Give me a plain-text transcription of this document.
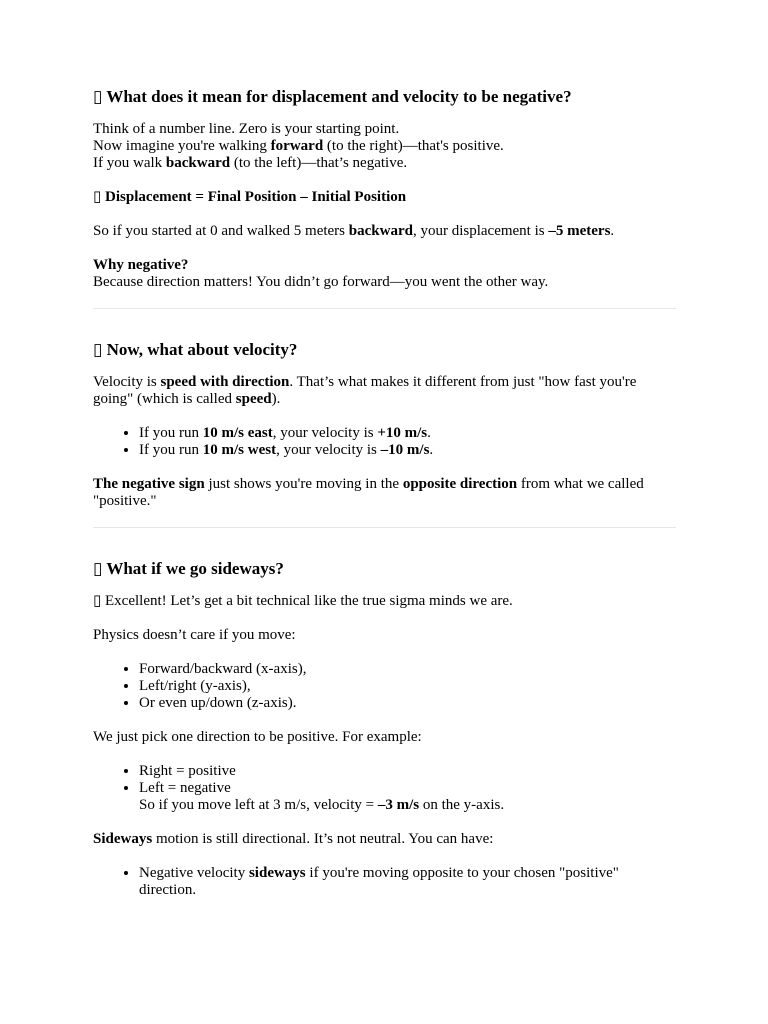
▯ What does it mean for displacement and velocity to be negative?

Think of a number line. Zero is your starting point.
Now imagine you're walking forward (to the right)—that's positive.
If you walk backward (to the left)—that’s negative.

▯ Displacement = Final Position – Initial Position

So if you started at 0 and walked 5 meters backward, your displacement is –5 meters.

Why negative?
Because direction matters! You didn’t go forward—you went the other way.

▯ Now, what about velocity?

Velocity is speed with direction. That’s what makes it different from just "how fast you're going" (which is called speed).

• If you run 10 m/s east, your velocity is +10 m/s.
• If you run 10 m/s west, your velocity is –10 m/s.

The negative sign just shows you're moving in the opposite direction from what we called "positive."

▯ What if we go sideways?

▯ Excellent! Let’s get a bit technical like the true sigma minds we are.

Physics doesn’t care if you move:

• Forward/backward (x-axis),
• Left/right (y-axis),
• Or even up/down (z-axis).

We just pick one direction to be positive. For example:

• Right = positive
• Left = negative
So if you move left at 3 m/s, velocity = –3 m/s on the y-axis.

Sideways motion is still directional. It’s not neutral. You can have:

• Negative velocity sideways if you're moving opposite to your chosen "positive" direction.
